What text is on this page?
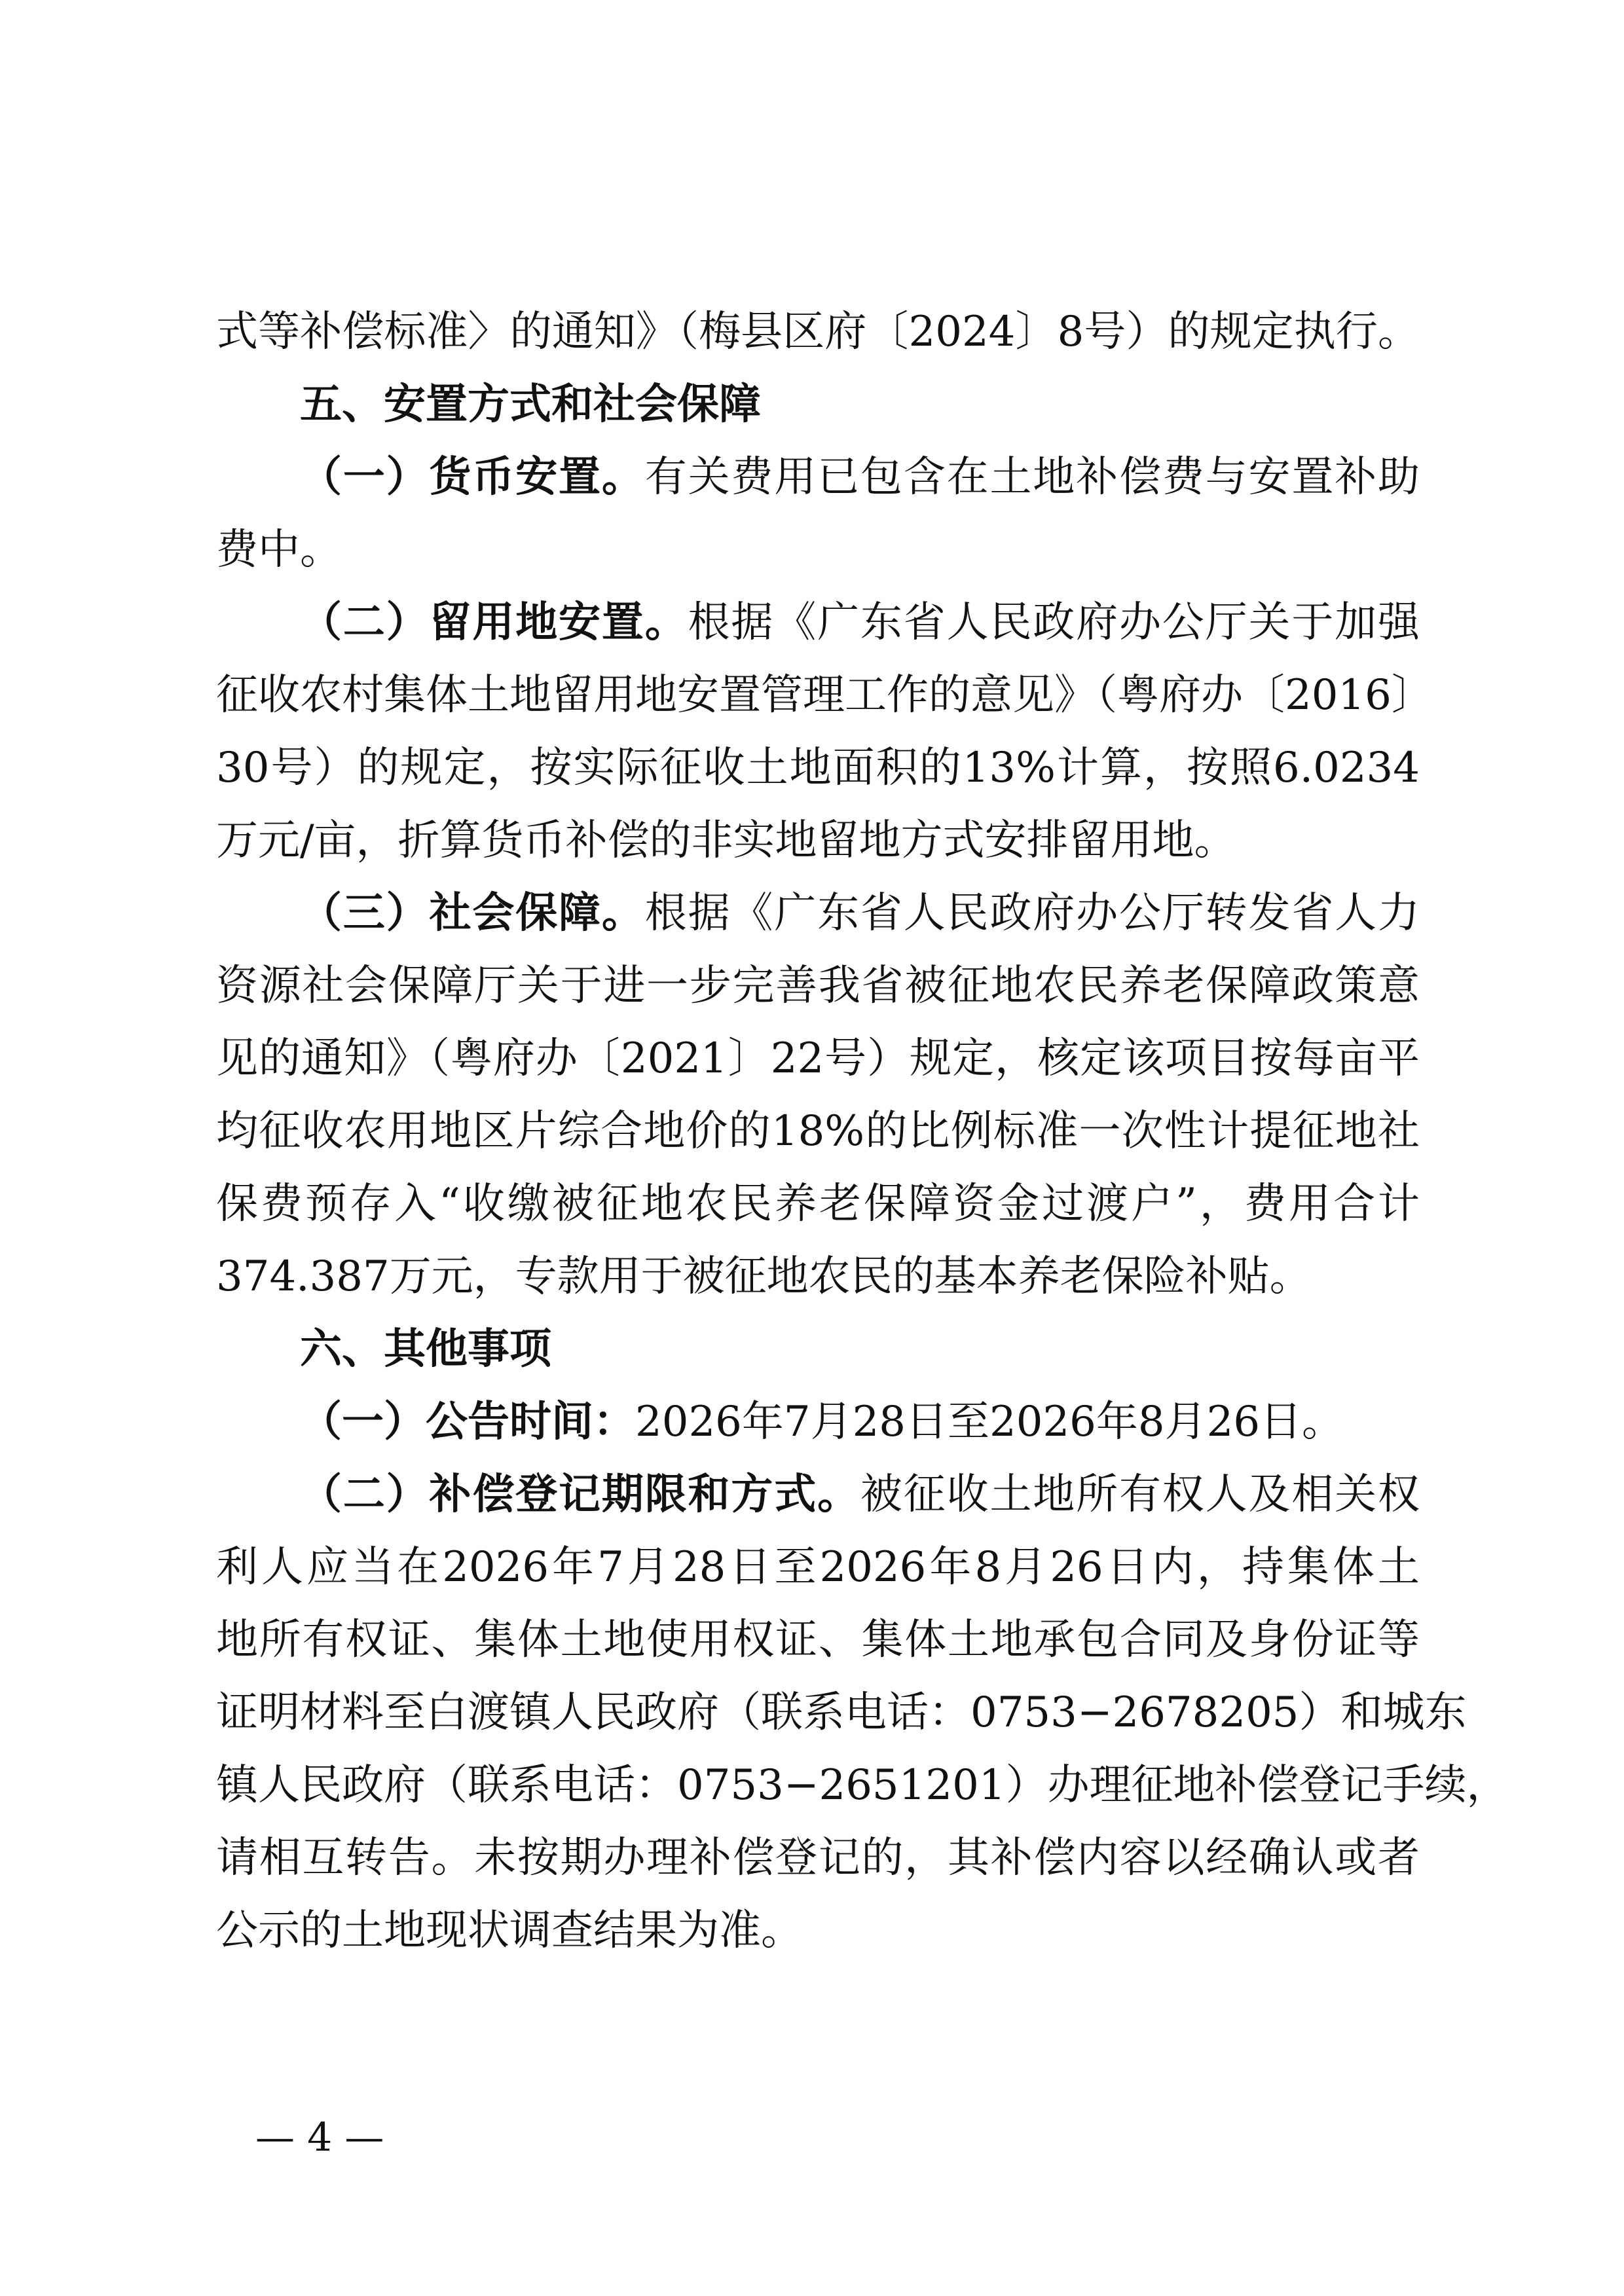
式等补偿标准〉的通知》（梅县区府〔2024〕8号）的规定执行。
五、安置方式和社会保障
（一）货币安置。有关费用已包含在土地补偿费与安置补助
费中。
（二）留用地安置。根据《广东省人民政府办公厅关于加强
征收农村集体土地留用地安置管理工作的意见》（粤府办〔2016〕
30号）的规定，按实际征收土地面积的13%计算，按照6.0234
万元/亩，折算货币补偿的非实地留地方式安排留用地。
（三）社会保障。根据《广东省人民政府办公厅转发省人力
资源社会保障厅关于进一步完善我省被征地农民养老保障政策意
见的通知》（粤府办〔2021〕22号）规定，核定该项目按每亩平
均征收农用地区片综合地价的18%的比例标准一次性计提征地社
保费预存入“收缴被征地农民养老保障资金过渡户”，费用合计
374.387万元，专款用于被征地农民的基本养老保险补贴。
六、其他事项
（一）公告时间：2026年7月28日至2026年8月26日。
（二）补偿登记期限和方式。被征收土地所有权人及相关权
利人应当在2026年7月28日至2026年8月26日内，持集体土
地所有权证、集体土地使用权证、集体土地承包合同及身份证等
证明材料至白渡镇人民政府（联系电话：0753−2678205）和城东
镇人民政府（联系电话：0753−2651201）办理征地补偿登记手续，
请相互转告。未按期办理补偿登记的，其补偿内容以经确认或者
公示的土地现状调查结果为准。
— 4 —
